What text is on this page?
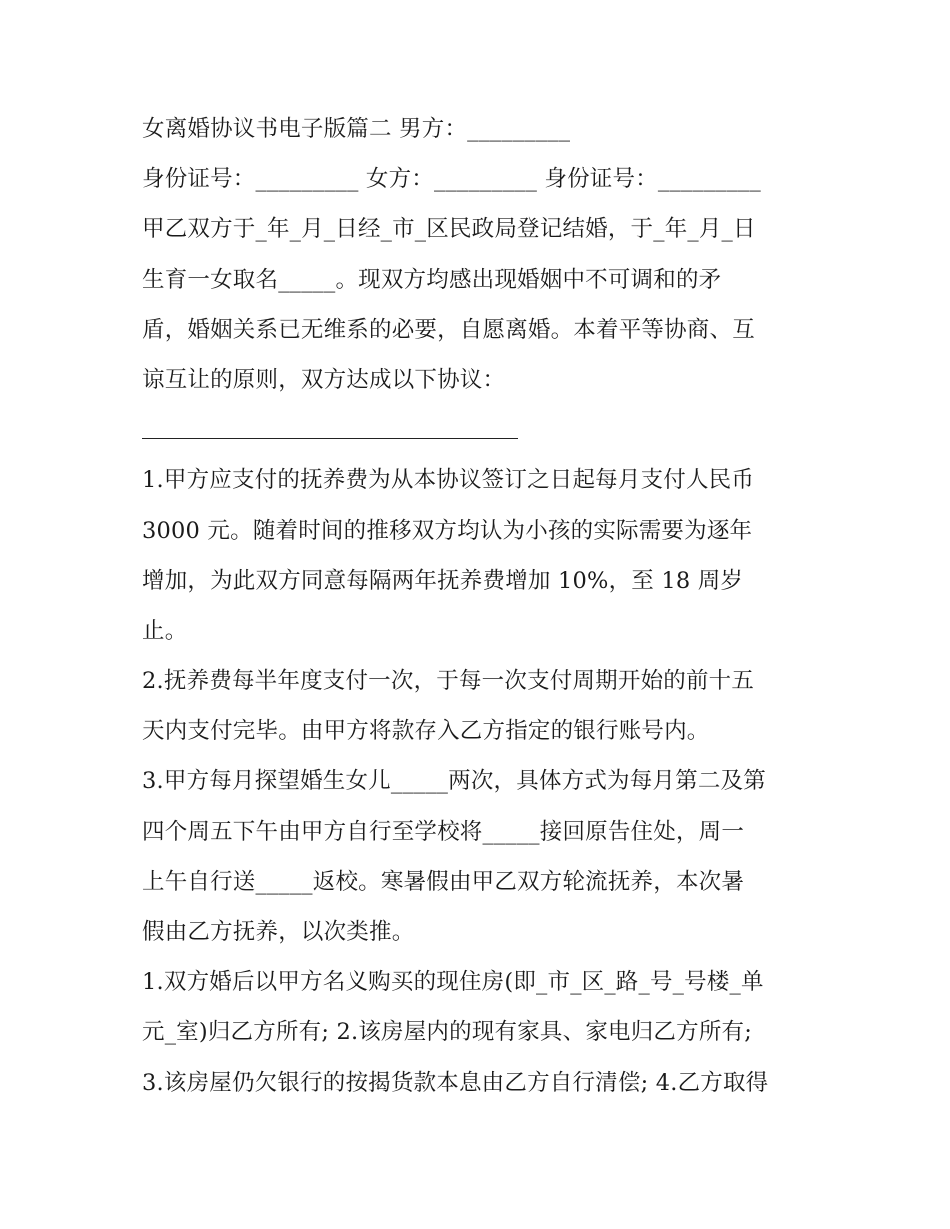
女离婚协议书电子版篇二 男方：_________
身份证号：_________ 女方：_________ 身份证号：_________
甲乙双方于_年_月_日经_市_区民政局登记结婚，于_年_月_日
生育一女取名_____。现双方均感出现婚姻中不可调和的矛
盾，婚姻关系已无维系的必要，自愿离婚。本着平等协商、互
谅互让的原则，双方达成以下协议：
1.甲方应支付的抚养费为从本协议签订之日起每月支付人民币
3000 元。随着时间的推移双方均认为小孩的实际需要为逐年
增加，为此双方同意每隔两年抚养费增加 10%，至 18 周岁
止。
2.抚养费每半年度支付一次，于每一次支付周期开始的前十五
天内支付完毕。由甲方将款存入乙方指定的银行账号内。
3.甲方每月探望婚生女儿_____两次，具体方式为每月第二及第
四个周五下午由甲方自行至学校将_____接回原告住处，周一
上午自行送_____返校。寒暑假由甲乙双方轮流抚养，本次暑
假由乙方抚养，以次类推。
1.双方婚后以甲方名义购买的现住房(即_市_区_路_号_号楼_单
元_室)归乙方所有; 2.该房屋内的现有家具、家电归乙方所有;
3.该房屋仍欠银行的按揭货款本息由乙方自行清偿; 4.乙方取得
